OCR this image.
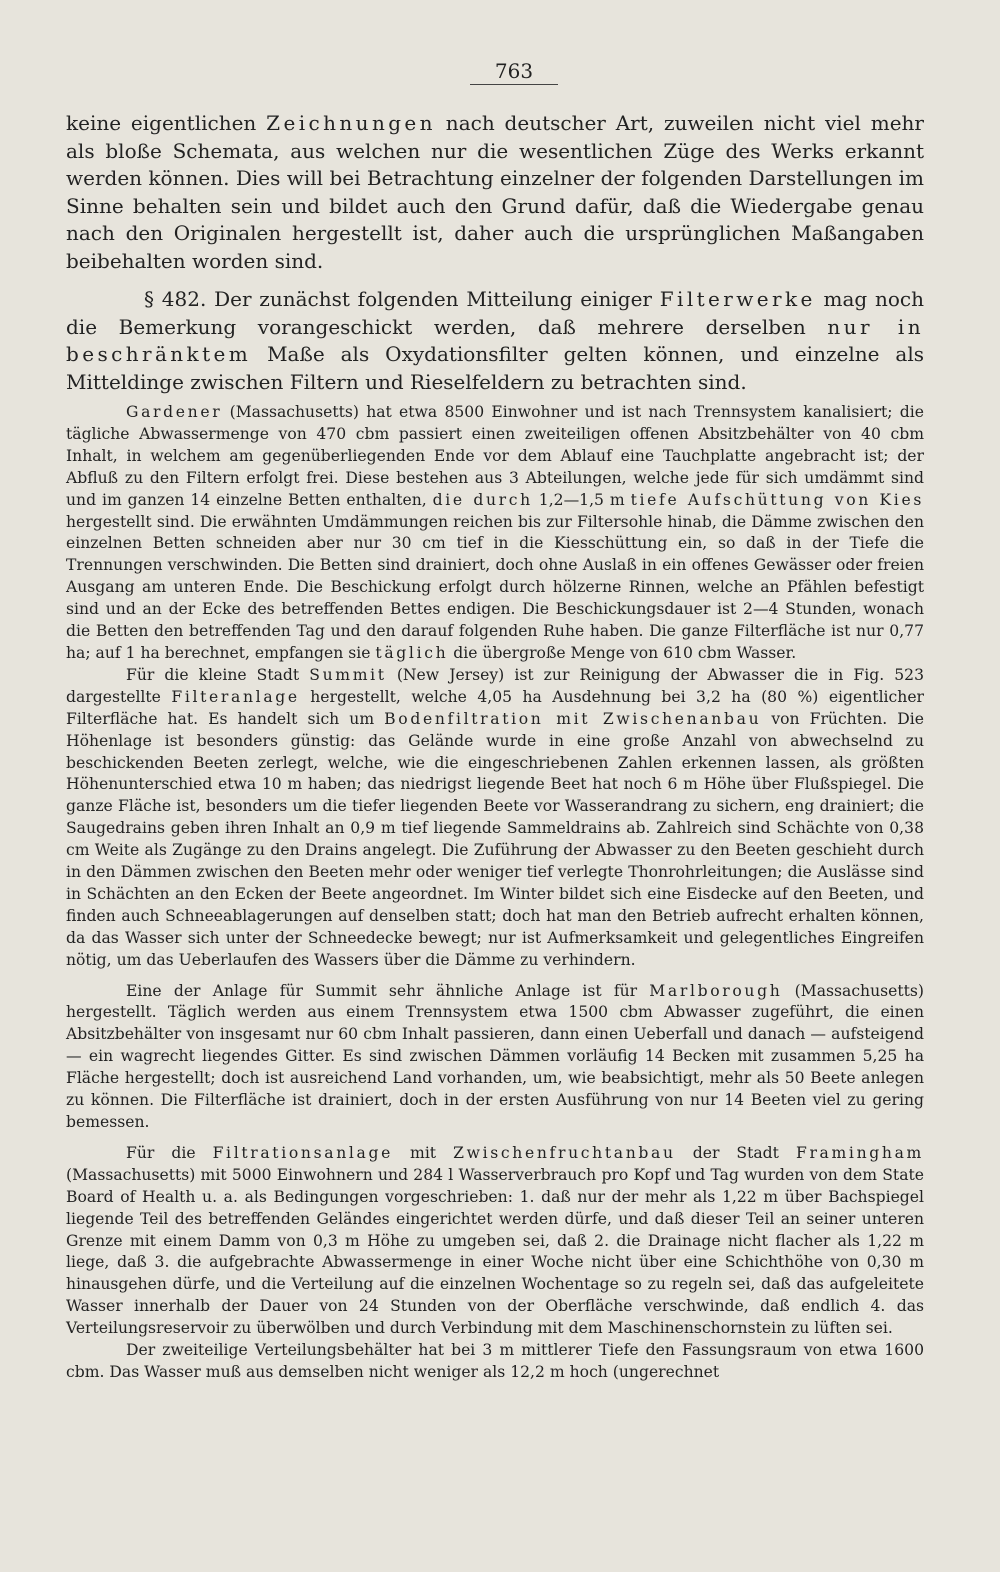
763

keine eigentlichen Zeichnungen nach deutscher Art, zuweilen nicht viel mehr als bloße Schemata, aus welchen nur die wesentlichen Züge des Werks erkannt werden können. Dies will bei Betrachtung einzelner der folgenden Darstellungen im Sinne behalten sein und bildet auch den Grund dafür, daß die Wiedergabe genau nach den Originalen hergestellt ist, daher auch die ursprünglichen Maßangaben beibehalten worden sind.

§ 482. Der zunächst folgenden Mitteilung einiger Filterwerke mag noch die Bemerkung vorangeschickt werden, daß mehrere derselben nur in beschränktem Maße als Oxydationsfilter gelten können, und einzelne als Mitteldinge zwischen Filtern und Rieselfeldern zu betrachten sind.

Gardener (Massachusetts) hat etwa 8500 Einwohner und ist nach Trennsystem kanalisiert; die tägliche Abwassermenge von 470 cbm passiert einen zweiteiligen offenen Absitzbehälter von 40 cbm Inhalt, in welchem am gegenüberliegenden Ende vor dem Ablauf eine Tauchplatte angebracht ist; der Abfluß zu den Filtern erfolgt frei. Diese bestehen aus 3 Abteilungen, welche jede für sich umdämmt sind und im ganzen 14 einzelne Betten enthalten, die durch 1,2—1,5 m tiefe Aufschüttung von Kies hergestellt sind. Die erwähnten Umdämmungen reichen bis zur Filtersohle hinab, die Dämme zwischen den einzelnen Betten schneiden aber nur 30 cm tief in die Kiesschüttung ein, so daß in der Tiefe die Trennungen verschwinden. Die Betten sind drainiert, doch ohne Auslaß in ein offenes Gewässer oder freien Ausgang am unteren Ende. Die Beschickung erfolgt durch hölzerne Rinnen, welche an Pfählen befestigt sind und an der Ecke des betreffenden Bettes endigen. Die Beschickungsdauer ist 2—4 Stunden, wonach die Betten den betreffenden Tag und den darauf folgenden Ruhe haben. Die ganze Filterfläche ist nur 0,77 ha; auf 1 ha berechnet, empfangen sie täglich die übergroße Menge von 610 cbm Wasser.

Für die kleine Stadt Summit (New Jersey) ist zur Reinigung der Abwasser die in Fig. 523 dargestellte Filteranlage hergestellt, welche 4,05 ha Ausdehnung bei 3,2 ha (80 %) eigentlicher Filterfläche hat. Es handelt sich um Bodenfiltration mit Zwischenanbau von Früchten. Die Höhenlage ist besonders günstig: das Gelände wurde in eine große Anzahl von abwechselnd zu beschickenden Beeten zerlegt, welche, wie die eingeschriebenen Zahlen erkennen lassen, als größten Höhenunterschied etwa 10 m haben; das niedrigst liegende Beet hat noch 6 m Höhe über Flußspiegel. Die ganze Fläche ist, besonders um die tiefer liegenden Beete vor Wasserandrang zu sichern, eng drainiert; die Saugedrains geben ihren Inhalt an 0,9 m tief liegende Sammeldrains ab. Zahlreich sind Schächte von 0,38 cm Weite als Zugänge zu den Drains angelegt. Die Zuführung der Abwasser zu den Beeten geschieht durch in den Dämmen zwischen den Beeten mehr oder weniger tief verlegte Thonrohrleitungen; die Auslässe sind in Schächten an den Ecken der Beete angeordnet. Im Winter bildet sich eine Eisdecke auf den Beeten, und finden auch Schneeablagerungen auf denselben statt; doch hat man den Betrieb aufrecht erhalten können, da das Wasser sich unter der Schneedecke bewegt; nur ist Aufmerksamkeit und gelegentliches Eingreifen nötig, um das Ueberlaufen des Wassers über die Dämme zu verhindern.

Eine der Anlage für Summit sehr ähnliche Anlage ist für Marlborough (Massachusetts) hergestellt. Täglich werden aus einem Trennsystem etwa 1500 cbm Abwasser zugeführt, die einen Absitzbehälter von insgesamt nur 60 cbm Inhalt passieren, dann einen Ueberfall und danach — aufsteigend — ein wagrecht liegendes Gitter. Es sind zwischen Dämmen vorläufig 14 Becken mit zusammen 5,25 ha Fläche hergestellt; doch ist ausreichend Land vorhanden, um, wie beabsichtigt, mehr als 50 Beete anlegen zu können. Die Filterfläche ist drainiert, doch in der ersten Ausführung von nur 14 Beeten viel zu gering bemessen.

Für die Filtrationsanlage mit Zwischenfruchtanbau der Stadt Framingham (Massachusetts) mit 5000 Einwohnern und 284 l Wasserverbrauch pro Kopf und Tag wurden von dem State Board of Health u. a. als Bedingungen vorgeschrieben: 1. daß nur der mehr als 1,22 m über Bachspiegel liegende Teil des betreffenden Geländes eingerichtet werden dürfe, und daß dieser Teil an seiner unteren Grenze mit einem Damm von 0,3 m Höhe zu umgeben sei, daß 2. die Drainage nicht flacher als 1,22 m liege, daß 3. die aufgebrachte Abwassermenge in einer Woche nicht über eine Schichthöhe von 0,30 m hinausgehen dürfe, und die Verteilung auf die einzelnen Wochentage so zu regeln sei, daß das aufgeleitete Wasser innerhalb der Dauer von 24 Stunden von der Oberfläche verschwinde, daß endlich 4. das Verteilungsreservoir zu überwölben und durch Verbindung mit dem Maschinenschornstein zu lüften sei.

Der zweiteilige Verteilungsbehälter hat bei 3 m mittlerer Tiefe den Fassungsraum von etwa 1600 cbm. Das Wasser muß aus demselben nicht weniger als 12,2 m hoch (ungerechnet
